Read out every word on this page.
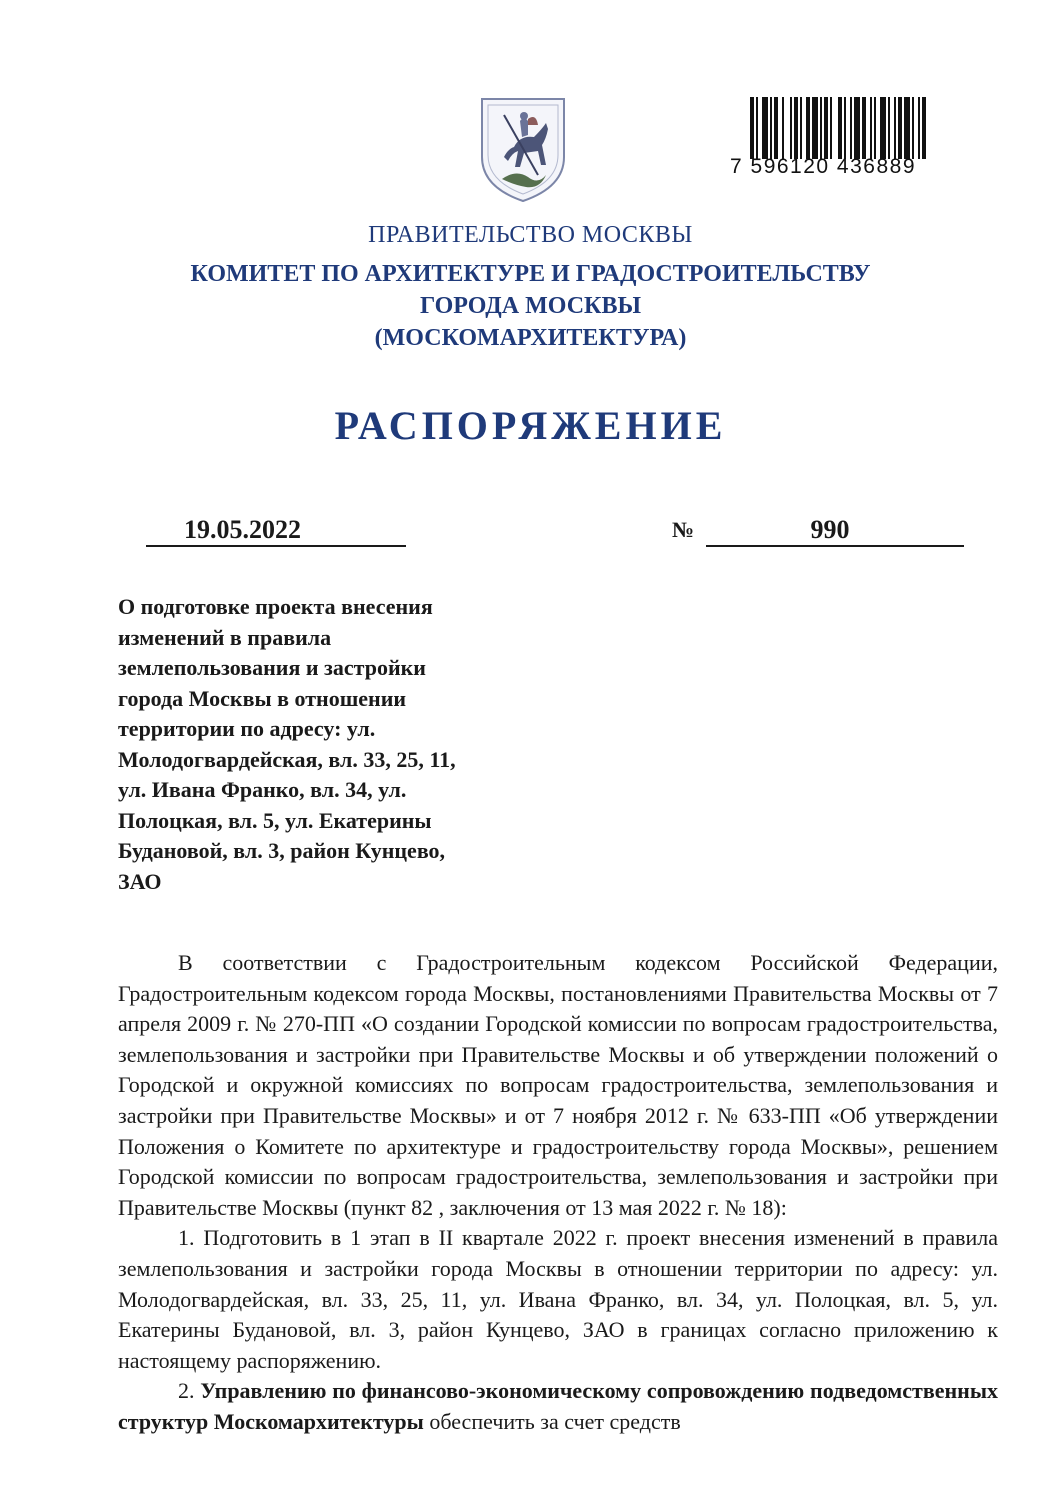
7 596120 436889
ПРАВИТЕЛЬСТВО МОСКВЫ
КОМИТЕТ ПО АРХИТЕКТУРЕ И ГРАДОСТРОИТЕЛЬСТВУ
ГОРОДА МОСКВЫ
(МОСКОМАРХИТЕКТУРА)
РАСПОРЯЖЕНИЕ
19.05.2022	№	990
О подготовке проекта внесения
изменений в правила
землепользования и застройки
города Москвы в отношении
территории по адресу: ул.
Молодогвардейская, вл. 33, 25, 11,
ул. Ивана Франко, вл. 34, ул.
Полоцкая, вл. 5, ул. Екатерины
Будановой, вл. 3, район Кунцево,
ЗАО

В соответствии с Градостроительным кодексом Российской Федерации, Градостроительным кодексом города Москвы, постановлениями Правительства Москвы от 7 апреля 2009 г. № 270-ПП «О создании Городской комиссии по вопросам градостроительства, землепользования и застройки при Правительстве Москвы и об утверждении положений о Городской и окружной комиссиях по вопросам градостроительства, землепользования и застройки при Правительстве Москвы» и от 7 ноября 2012 г. № 633-ПП «Об утверждении Положения о Комитете по архитектуре и градостроительству города Москвы», решением Городской комиссии по вопросам градостроительства, землепользования и застройки при Правительстве Москвы (пункт 82 , заключения от 13 мая 2022 г. № 18):

1. Подготовить в 1 этап в II квартале 2022 г. проект внесения изменений в правила землепользования и застройки города Москвы в отношении территории по адресу: ул. Молодогвардейская, вл. 33, 25, 11, ул. Ивана Франко, вл. 34, ул. Полоцкая, вл. 5, ул. Екатерины Будановой, вл. 3, район Кунцево, ЗАО в границах согласно приложению к настоящему распоряжению.

2. Управлению по финансово-экономическому сопровождению подведомственных структур Москомархитектуры обеспечить за счет средств
